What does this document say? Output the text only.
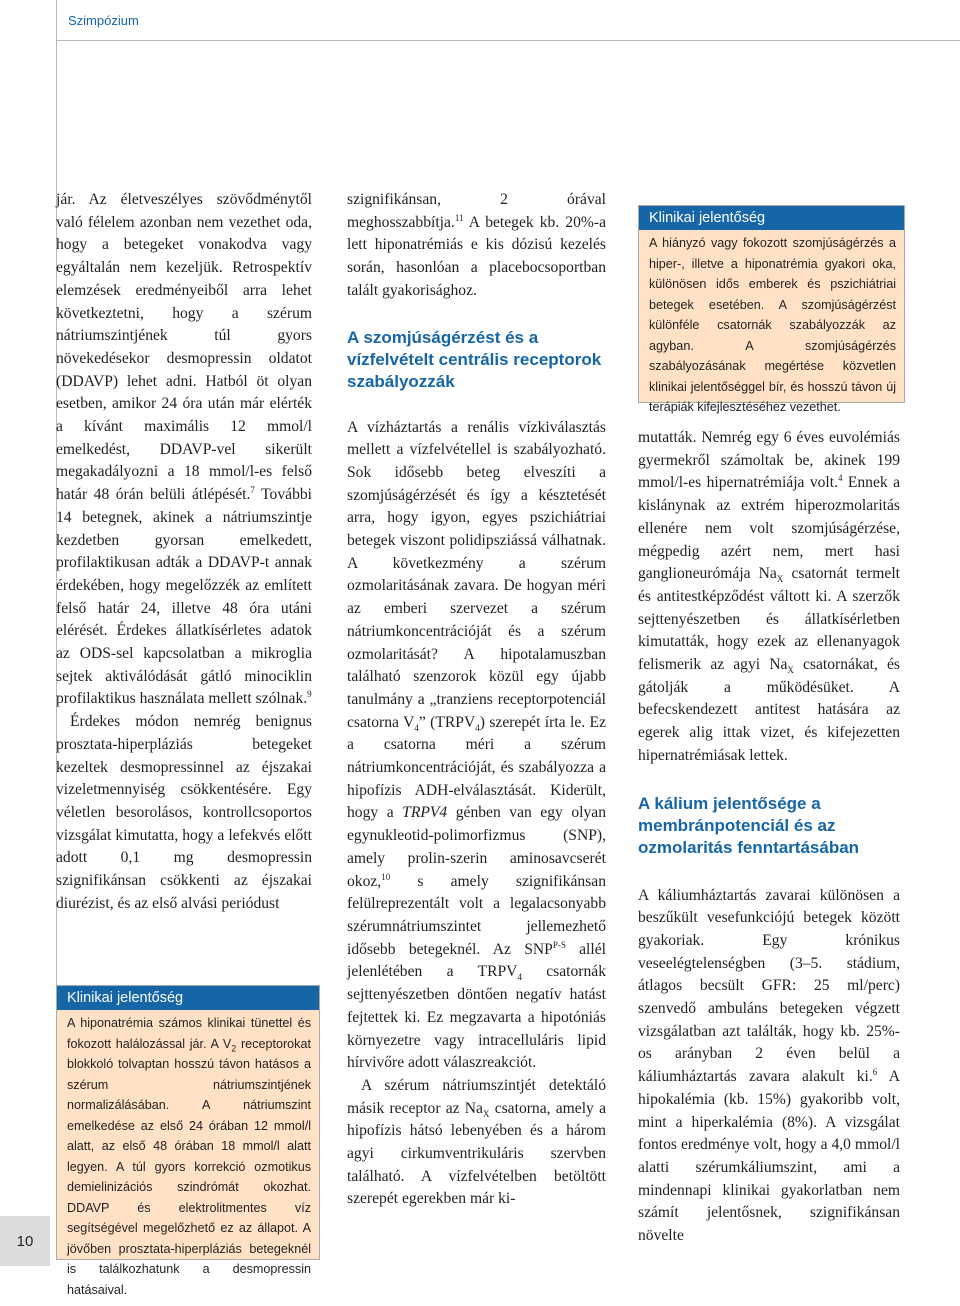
Szimpózium
10

jár. Az életveszélyes szövődménytől való félelem azonban nem vezethet oda, hogy a betegeket vonakodva vagy egyáltalán nem kezeljük. Retrospektív elemzések eredményeiből arra lehet következtetni, hogy a szérum nátriumszintjének túl gyors növekedésekor desmopressin oldatot (DDAVP) lehet adni. Hatból öt olyan esetben, amikor 24 óra után már elérték a kívánt maximális 12 mmol/l emelkedést, DDAVP-vel sikerült megakadályozni a 18 mmol/l-es felső határ 48 órán belüli átlépését.$^7$ További 14 betegnek, akinek a nátriumszintje kezdetben gyorsan emelkedett, profilaktikusan adták a DDAVP-t annak érdekében, hogy megelőzzék az említett felső határ 24, illetve 48 óra utáni elérését. Érdekes állatkísérletes adatok az ODS-sel kapcsolatban a mikroglia sejtek aktiválódását gátló minociklin profilaktikus használata mellett szólnak.$^9$

Érdekes módon nemrég benignus prosztata-hiperpláziás betegeket kezeltek desmopressinnel az éjszakai vizeletmennyiség csökkentésére. Egy véletlen besorolásos, kontrollcsoportos vizsgálat kimutatta, hogy a lefekvés előtt adott 0,1 mg desmopressin szignifikánsan csökkenti az éjszakai diurézist, és az első alvási periódust

Klinikai jelentőség
A hiponatrémia számos klinikai tünettel és fokozott halálozással jár. A $V_2$ receptorokat blokkoló tolvaptan hosszú távon hatásos a szérum nátriumszintjének normalizálásában. A nátriumszint emelkedése az első 24 órában 12 mmol/l alatt, az első 48 órában 18 mmol/l alatt legyen. A túl gyors korrekció ozmotikus demielinizációs szindrómát okozhat. DDAVP és elektrolitmentes víz segítségével megelőzhető ez az állapot. A jövőben prosztata-hiperpláziás betegeknél is találkozhatunk a desmopressin hatásaival.

szignifikánsan, 2 órával meghosszabbítja.$^{11}$ A betegek kb. 20%-a lett hiponatrémiás e kis dózisú kezelés során, hasonlóan a placebocsoportban talált gyakorisághoz.

A szomjúságérzést és a vízfelvételt centrális receptorok szabályozzák

A vízháztartás a renális vízkiválasztás mellett a vízfelvétellel is szabályozható. Sok idősebb beteg elveszíti a szomjúságérzését és így a késztetését arra, hogy igyon, egyes pszichiátriai betegek viszont polidipsziássá válhatnak. A következmény a szérum ozmolaritásának zavara. De hogyan méri az emberi szervezet a szérum nátriumkoncentrációját és a szérum ozmolaritását? A hipotalamuszban található szenzorok közül egy újabb tanulmány a „tranziens receptorpotenciál csatorna $V_4$” $(TRPV_4)$ szerepét írta le. Ez a csatorna méri a szérum nátriumkoncentrációját, és szabályozza a hipofízis ADH-elválasztását. Kiderült, hogy a TRPV4 génben van egy olyan egynukleotid-polimorfizmus (SNP), amely prolin-szerin aminosavcserét okoz,$^{10}$ s amely szignifikánsan felülreprezentált volt a legalacsonyabb szérumnátriumszintet jellemezhető idősebb betegeknél. Az $SNP^{P-S}$ allél jelenlétében a $TRPV_4$ csatornák sejttenyészetben döntően negatív hatást fejtettek ki. Ez megzavarta a hipotóniás környezetre vagy intracelluláris lipid hírvivőre adott válaszreakciót.

A szérum nátriumszintjét detektáló másik receptor az $Na_X$ csatorna, amely a hipofízis hátsó lebenyében és a három agyi cirkumventrikuláris szervben található. A vízfelvételben betöltött szerepét egerekben már ki-

Klinikai jelentőség
A hiányzó vagy fokozott szomjúságérzés a hiper-, illetve a hiponatrémia gyakori oka, különösen idős emberek és pszichiátriai betegek esetében. A szomjúságérzést különféle csatornák szabályozzák az agyban. A szomjúságérzés szabályozásának megértése közvetlen klinikai jelentőséggel bír, és hosszú távon új terápiák kifejlesztéséhez vezethet.

mutatták. Nemrég egy 6 éves euvolémiás gyermekről számoltak be, akinek 199 mmol/l-es hipernatrémiája volt.$^4$ Ennek a kislánynak az extrém hiperozmolaritás ellenére nem volt szomjúságérzése, mégpedig azért nem, mert hasi ganglioneurómája $Na_X$ csatornát termelt és antitestképződést váltott ki. A szerzők sejttenyészetben és állatkísérletben kimutatták, hogy ezek az ellenanyagok felismerik az agyi $Na_X$ csatornákat, és gátolják a működésüket. A befecskendezett antitest hatására az egerek alig ittak vizet, és kifejezetten hipernatrémiásak lettek.

A kálium jelentősége a membránpotenciál és az ozmolaritás fenntartásában

A káliumháztartás zavarai különösen a beszűkült vesefunkciójú betegek között gyakoriak. Egy krónikus veseelégtelenségben (3–5. stádium, átlagos becsült GFR: 25 ml/perc) szenvedő ambuláns betegeken végzett vizsgálatban azt találták, hogy kb. 25%-os arányban 2 éven belül a káliumháztartás zavara alakult ki.$^6$ A hipokalémia (kb. 15%) gyakoribb volt, mint a hiperkalémia (8%). A vizsgálat fontos eredménye volt, hogy a 4,0 mmol/l alatti szérumkáliumszint, ami a mindennapi klinikai gyakorlatban nem számít jelentősnek, szignifikánsan növelte
